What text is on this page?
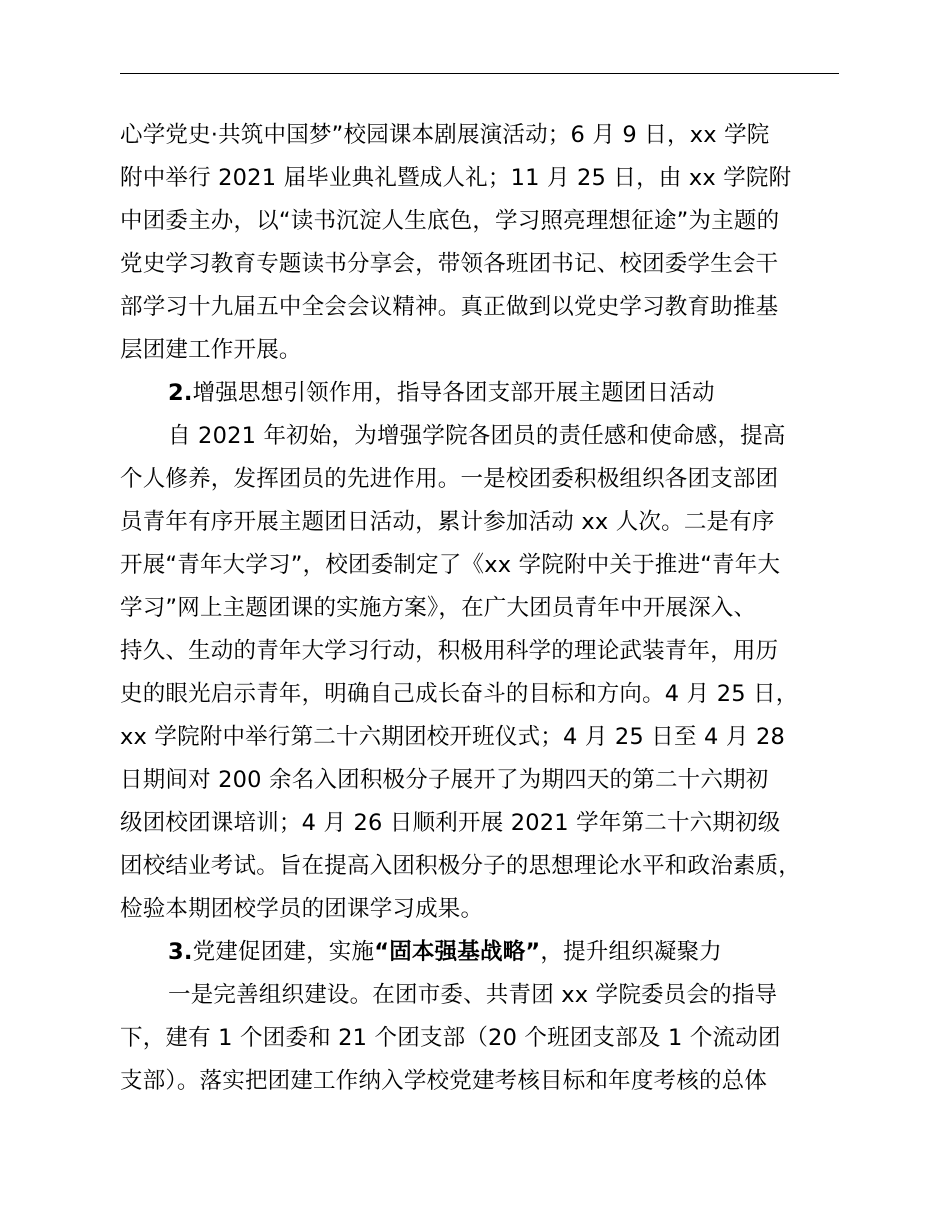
心学党史·共筑中国梦”校园课本剧展演活动；6 月 9 日，xx 学院
附中举行 2021 届毕业典礼暨成人礼；11 月 25 日，由 xx 学院附
中团委主办，以“读书沉淀人生底色，学习照亮理想征途”为主题的
党史学习教育专题读书分享会，带领各班团书记、校团委学生会干
部学习十九届五中全会会议精神。真正做到以党史学习教育助推基
层团建工作开展。
2.增强思想引领作用，指导各团支部开展主题团日活动
自 2021 年初始，为增强学院各团员的责任感和使命感，提高
个人修养，发挥团员的先进作用。一是校团委积极组织各团支部团
员青年有序开展主题团日活动，累计参加活动 xx 人次。二是有序
开展“青年大学习”，校团委制定了《xx 学院附中关于推进“青年大
学习”网上主题团课的实施方案》，在广大团员青年中开展深入、
持久、生动的青年大学习行动，积极用科学的理论武装青年，用历
史的眼光启示青年，明确自己成长奋斗的目标和方向。4 月 25 日，
xx 学院附中举行第二十六期团校开班仪式；4 月 25 日至 4 月 28
日期间对 200 余名入团积极分子展开了为期四天的第二十六期初
级团校团课培训；4 月 26 日顺利开展 2021 学年第二十六期初级
团校结业考试。旨在提高入团积极分子的思想理论水平和政治素质，
检验本期团校学员的团课学习成果。
3.党建促团建，实施“固本强基战略”，提升组织凝聚力
一是完善组织建设。在团市委、共青团 xx 学院委员会的指导
下，建有 1 个团委和 21 个团支部（20 个班团支部及 1 个流动团
支部）。落实把团建工作纳入学校党建考核目标和年度考核的总体
